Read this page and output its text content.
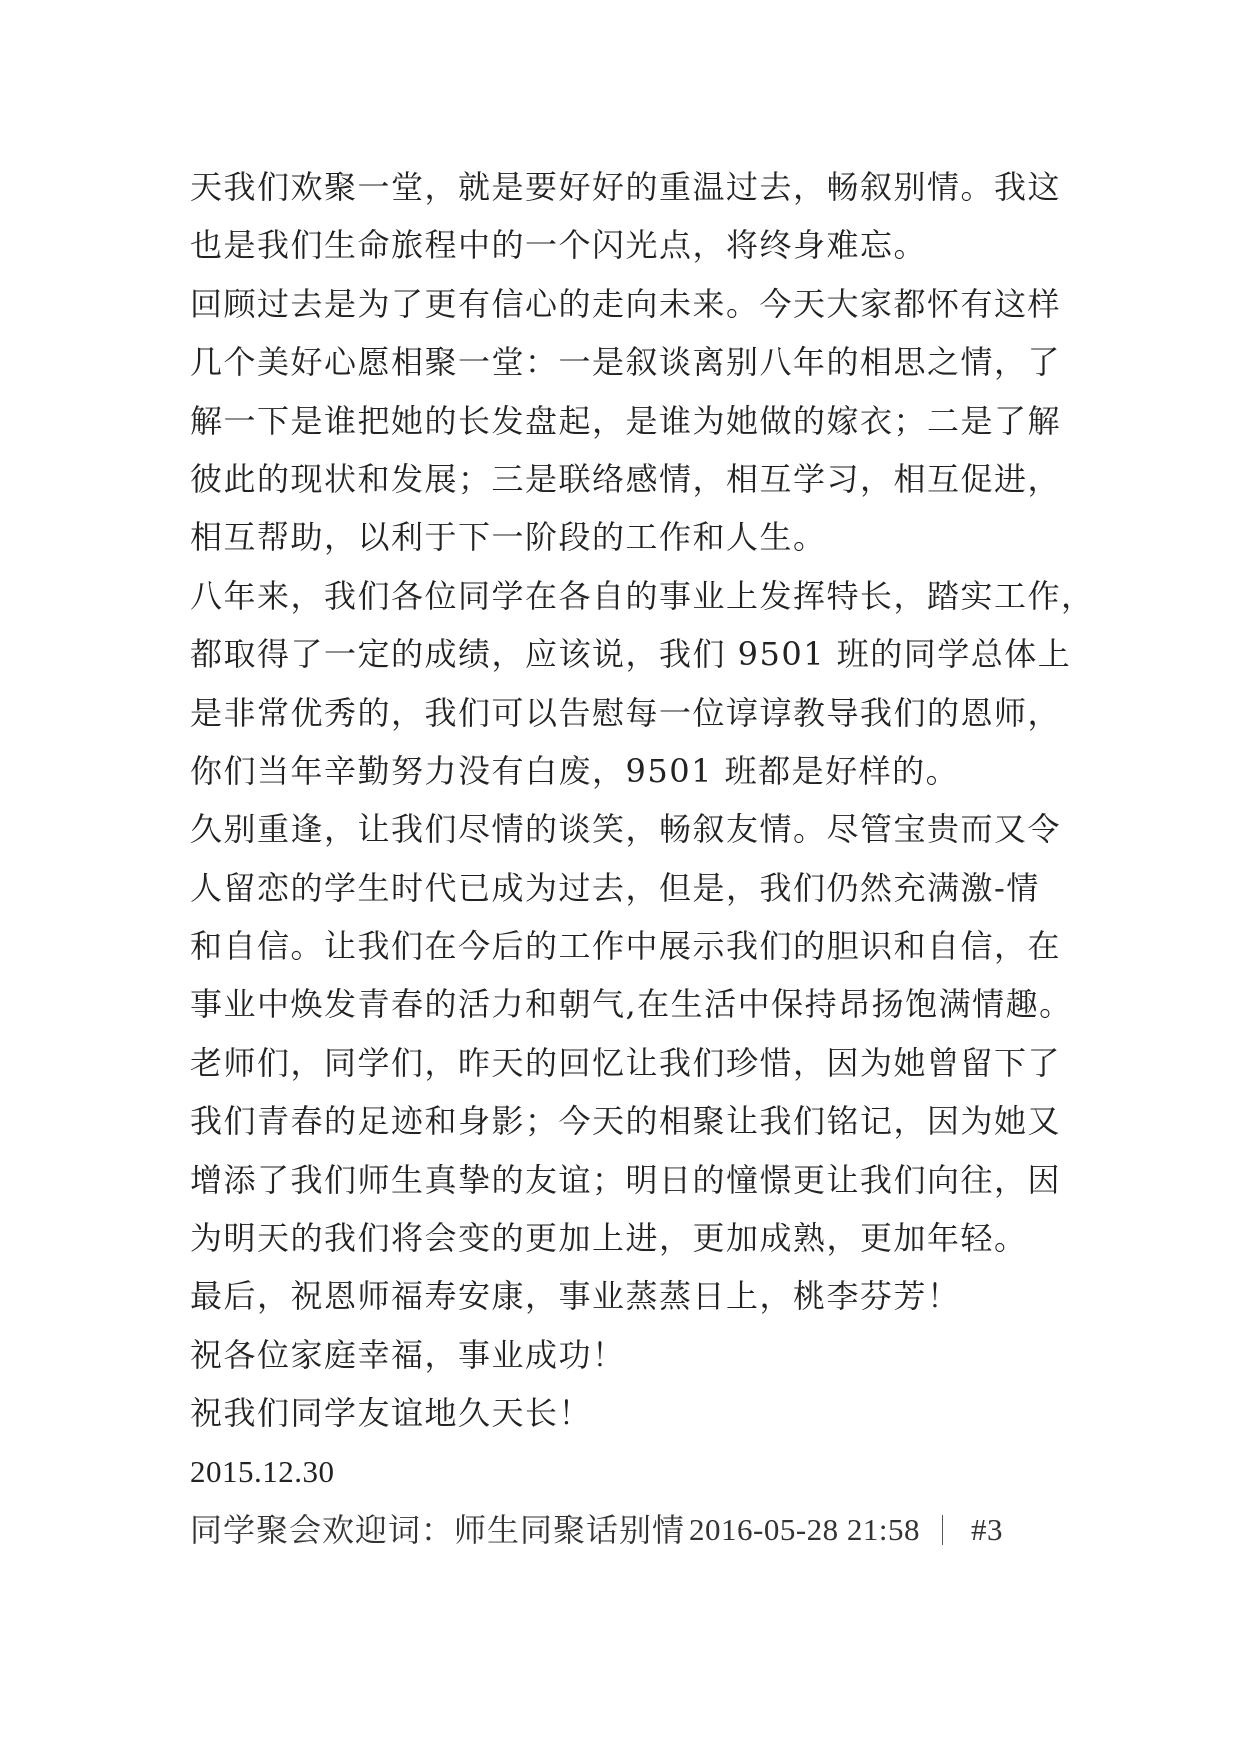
天我们欢聚一堂，就是要好好的重温过去，畅叙别情。我这
也是我们生命旅程中的一个闪光点，将终身难忘。
回顾过去是为了更有信心的走向未来。今天大家都怀有这样
几个美好心愿相聚一堂：一是叙谈离别八年的相思之情，了
解一下是谁把她的长发盘起，是谁为她做的嫁衣；二是了解
彼此的现状和发展；三是联络感情，相互学习，相互促进，
相互帮助，以利于下一阶段的工作和人生。
八年来，我们各位同学在各自的事业上发挥特长，踏实工作，
都取得了一定的成绩，应该说，我们 9501 班的同学总体上
是非常优秀的，我们可以告慰每一位谆谆教导我们的恩师，
你们当年辛勤努力没有白废，9501 班都是好样的。
久别重逢，让我们尽情的谈笑，畅叙友情。尽管宝贵而又令
人留恋的学生时代已成为过去，但是，我们仍然充满激-情
和自信。让我们在今后的工作中展示我们的胆识和自信，在
事业中焕发青春的活力和朝气,在生活中保持昂扬饱满情趣。
老师们，同学们，昨天的回忆让我们珍惜，因为她曾留下了
我们青春的足迹和身影；今天的相聚让我们铭记，因为她又
增添了我们师生真挚的友谊；明日的憧憬更让我们向往，因
为明天的我们将会变的更加上进，更加成熟，更加年轻。
最后，祝恩师福寿安康，事业蒸蒸日上，桃李芬芳！
祝各位家庭幸福，事业成功！
祝我们同学友谊地久天长！
2015.12.30
同学聚会欢迎词：师生同聚话别情 2016-05-28 21:58 #3
